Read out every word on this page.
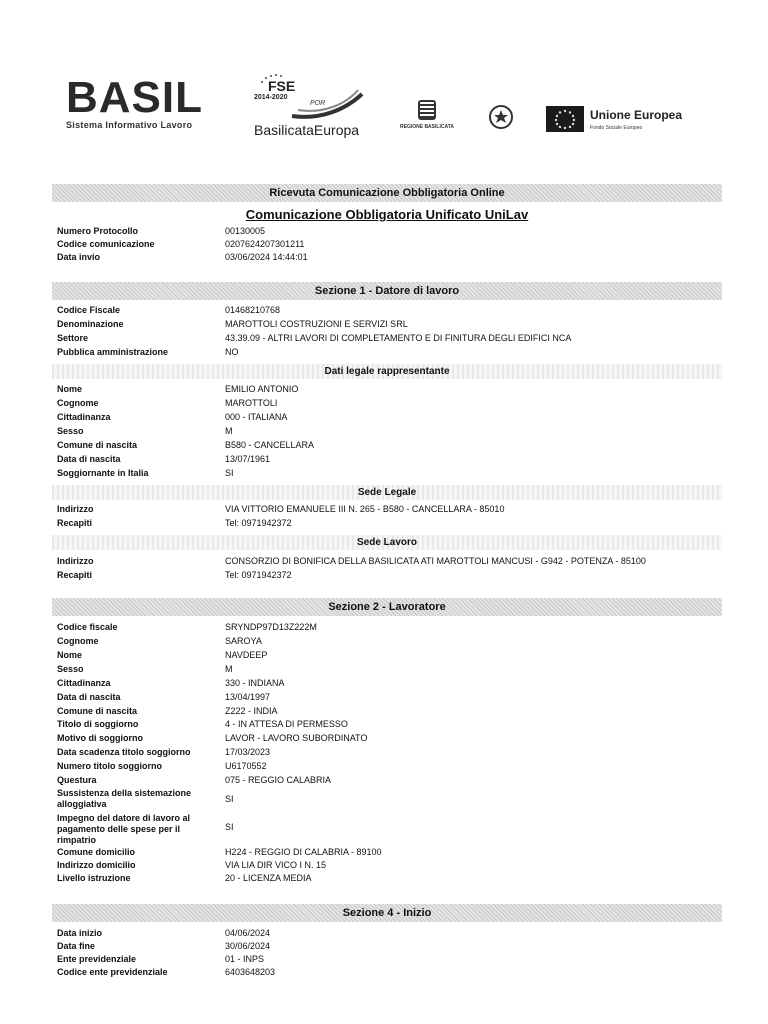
BASIL
Sistema Informativo Lavoro
FSE
2014-2020
POR
BasilicataEuropa	REGIONE BASILICATA
Unione Europea
Fondo Sociale Europeo
Ricevuta Comunicazione Obbligatoria Online
Comunicazione Obbligatoria Unificato UniLav
Numero Protocollo	00130005
Codice comunicazione	0207624207301211
Data invio	03/06/2024 14:44:01
Sezione 1 - Datore di lavoro
Codice Fiscale	01468210768
Denominazione	MAROTTOLI COSTRUZIONI E SERVIZI SRL
Settore	43.39.09 - ALTRI LAVORI DI COMPLETAMENTO E DI FINITURA DEGLI EDIFICI NCA
Pubblica amministrazione	NO
Dati legale rappresentante
Nome	EMILIO ANTONIO
Cognome	MAROTTOLI
Cittadinanza	000 - ITALIANA
Sesso	M
Comune di nascita	B580 - CANCELLARA
Data di nascita	13/07/1961
Soggiornante in Italia	SI
Sede Legale
Indirizzo	VIA VITTORIO EMANUELE III N. 265 - B580 - CANCELLARA - 85010
Recapiti	Tel: 0971942372
Sede Lavoro
Indirizzo	CONSORZIO DI BONIFICA DELLA BASILICATA ATI MAROTTOLI MANCUSI - G942 - POTENZA - 85100
Recapiti	Tel: 0971942372
Sezione 2 - Lavoratore
Codice fiscale	SRYNDP97D13Z222M
Cognome	SAROYA
Nome	NAVDEEP
Sesso	M
Cittadinanza	330 - INDIANA
Data di nascita	13/04/1997
Comune di nascita	Z222 - INDIA
Titolo di soggiorno	4 - IN ATTESA DI PERMESSO
Motivo di soggiorno	LAVOR - LAVORO SUBORDINATO
Data scadenza titolo soggiorno	17/03/2023
Numero titolo soggiorno	U6170552
Questura	075 - REGGIO CALABRIA
Sussistenza della sistemazione alloggiativa	SI
Impegno del datore di lavoro al pagamento delle spese per il rimpatrio
SI
Comune domicilio	H224 - REGGIO DI CALABRIA - 89100
Indirizzo domicilio	VIA LIA DIR VICO I N. 15
Livello istruzione	20 - LICENZA MEDIA
Sezione 4 - Inizio
Data inizio	04/06/2024
Data fine	30/06/2024
Ente previdenziale	01 - INPS
Codice ente previdenziale	6403648203
